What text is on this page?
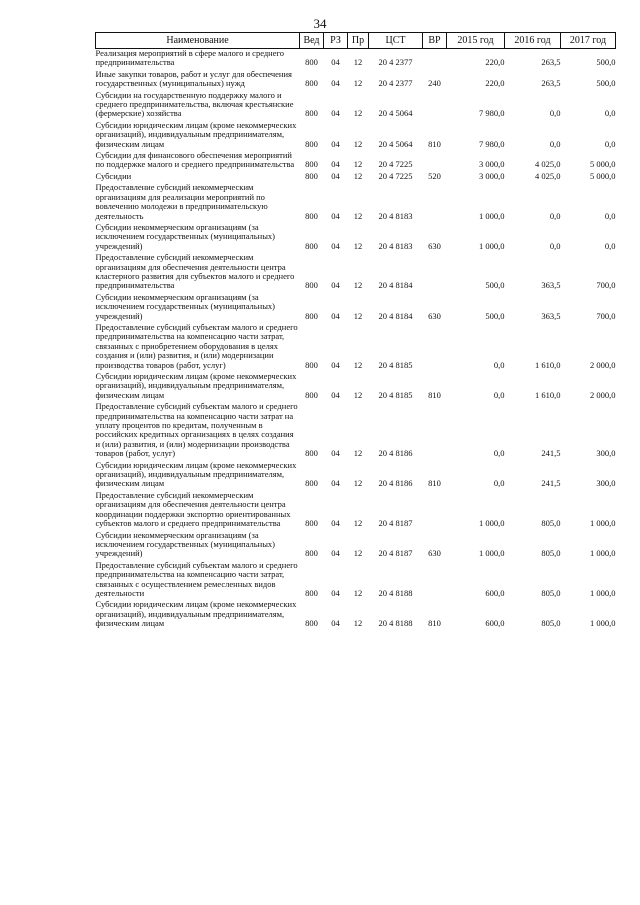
34
Наименование	Вед	РЗ	Пр	ЦСТ	ВР	2015 год	2016 год	2017 год
Реализация мероприятий в сфере малого и среднего предпринимательства	800	04	12	20 4 2377		220,0	263,5	500,0
Иные закупки товаров, работ и услуг для обеспечения государственных (муниципальных) нужд	800	04	12	20 4 2377	240	220,0	263,5	500,0
Субсидии на государственную поддержку малого и среднего предпринимательства, включая крестьянские (фермерские) хозяйства	800	04	12	20 4 5064		7 980,0	0,0	0,0
Субсидии юридическим лицам (кроме некоммерческих организаций), индивидуальным предпринимателям, физическим лицам	800	04	12	20 4 5064	810	7 980,0	0,0	0,0
Субсидии для финансового обеспечения мероприятий по поддержке малого и среднего предпринимательства	800	04	12	20 4 7225		3 000,0	4 025,0	5 000,0
Субсидии	800	04	12	20 4 7225	520	3 000,0	4 025,0	5 000,0
Предоставление субсидий некоммерческим организациям для реализации мероприятий по вовлечению молодежи в предпринимательскую деятельность	800	04	12	20 4 8183		1 000,0	0,0	0,0
Субсидии некоммерческим организациям (за исключением государственных (муниципальных) учреждений)	800	04	12	20 4 8183	630	1 000,0	0,0	0,0
Предоставление субсидий некоммерческим организациям для обеспечения деятельности центра кластерного развития для субъектов малого и среднего предпринимательства	800	04	12	20 4 8184		500,0	363,5	700,0
Субсидии некоммерческим организациям (за исключением государственных (муниципальных) учреждений)	800	04	12	20 4 8184	630	500,0	363,5	700,0
Предоставление субсидий субъектам малого и среднего предпринимательства на компенсацию части затрат, связанных с приобретением оборудования в целях создания и (или) развития, и (или) модернизации производства товаров (работ, услуг)	800	04	12	20 4 8185		0,0	1 610,0	2 000,0
Субсидии юридическим лицам (кроме некоммерческих организаций), индивидуальным предпринимателям, физическим лицам	800	04	12	20 4 8185	810	0,0	1 610,0	2 000,0
Предоставление субсидий субъектам малого и среднего предпринимательства на компенсацию части затрат на уплату процентов по кредитам, полученным в российских кредитных организациях в целях создания и (или) развития, и (или) модернизации производства товаров (работ, услуг)	800	04	12	20 4 8186		0,0	241,5	300,0
Субсидии юридическим лицам (кроме некоммерческих организаций), индивидуальным предпринимателям, физическим лицам	800	04	12	20 4 8186	810	0,0	241,5	300,0
Предоставление субсидий некоммерческим организациям для обеспечения деятельности центра координации поддержки экспортно ориентированных субъектов малого и среднего предпринимательства	800	04	12	20 4 8187		1 000,0	805,0	1 000,0
Субсидии некоммерческим организациям (за исключением государственных (муниципальных) учреждений)	800	04	12	20 4 8187	630	1 000,0	805,0	1 000,0
Предоставление субсидий субъектам малого и среднего предпринимательства на компенсацию части затрат, связанных с осуществлением ремесленных видов деятельности	800	04	12	20 4 8188		600,0	805,0	1 000,0
Субсидии юридическим лицам (кроме некоммерческих организаций), индивидуальным предпринимателям, физическим лицам	800	04	12	20 4 8188	810	600,0	805,0	1 000,0
